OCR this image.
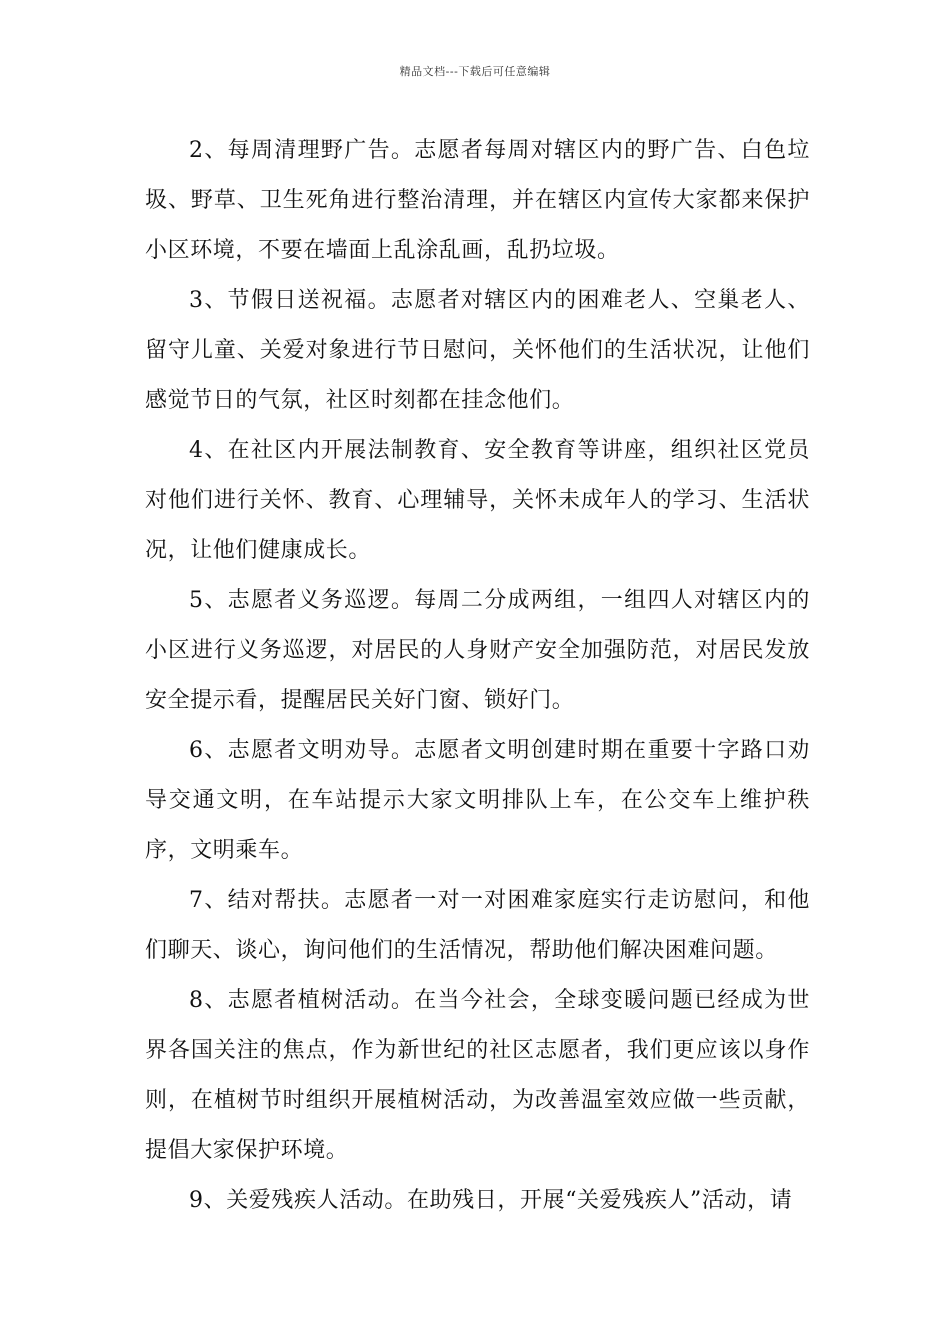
精品文档---下载后可任意编辑

2、每周清理野广告。志愿者每周对辖区内的野广告、白色垃圾、野草、卫生死角进行整治清理，并在辖区内宣传大家都来保护小区环境，不要在墙面上乱涂乱画，乱扔垃圾。

3、节假日送祝福。志愿者对辖区内的困难老人、空巢老人、留守儿童、关爱对象进行节日慰问，关怀他们的生活状况，让他们感觉节日的气氛，社区时刻都在挂念他们。

4、在社区内开展法制教育、安全教育等讲座，组织社区党员对他们进行关怀、教育、心理辅导，关怀未成年人的学习、生活状况，让他们健康成长。

5、志愿者义务巡逻。每周二分成两组，一组四人对辖区内的小区进行义务巡逻，对居民的人身财产安全加强防范，对居民发放安全提示看，提醒居民关好门窗、锁好门。

6、志愿者文明劝导。志愿者文明创建时期在重要十字路口劝导交通文明，在车站提示大家文明排队上车，在公交车上维护秩序，文明乘车。

7、结对帮扶。志愿者一对一对困难家庭实行走访慰问，和他们聊天、谈心，询问他们的生活情况，帮助他们解决困难问题。

8、志愿者植树活动。在当今社会，全球变暖问题已经成为世界各国关注的焦点，作为新世纪的社区志愿者，我们更应该以身作则，在植树节时组织开展植树活动，为改善温室效应做一些贡献，提倡大家保护环境。

9、关爱残疾人活动。在助残日，开展“关爱残疾人”活动，请
